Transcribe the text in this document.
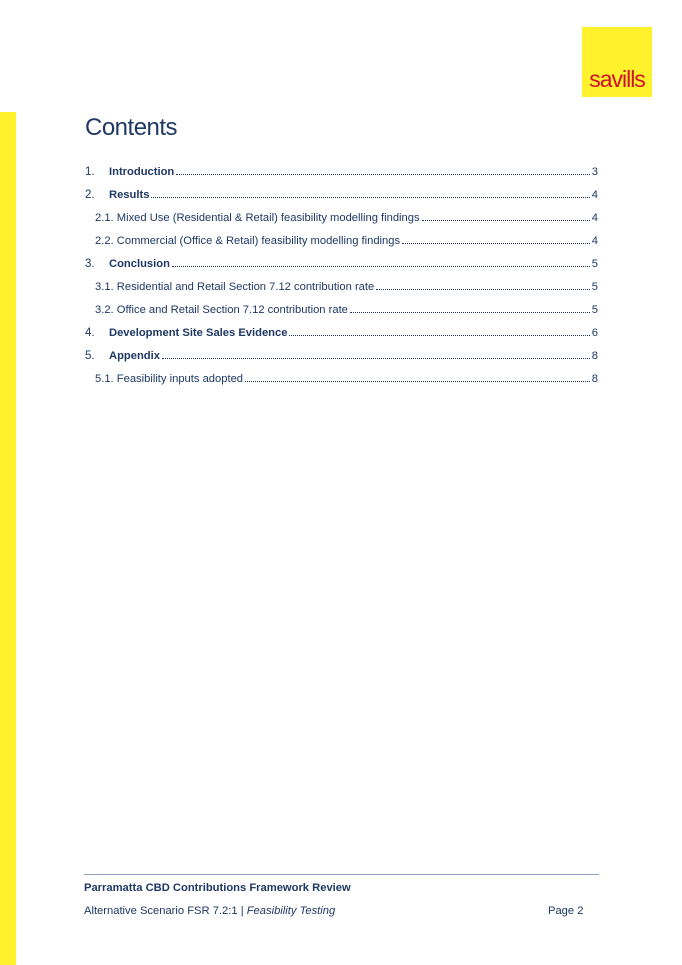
savills
Contents
1.	Introduction	3
2.	Results	4
2.1. Mixed Use (Residential & Retail) feasibility modelling findings	4
2.2. Commercial (Office & Retail) feasibility modelling findings	4
3.	Conclusion	5
3.1. Residential and Retail Section 7.12 contribution rate	5
3.2. Office and Retail Section 7.12 contribution rate	5
4.	Development Site Sales Evidence	6
5.	Appendix	8
5.1. Feasibility inputs adopted	8
Parramatta CBD Contributions Framework Review
Alternative Scenario FSR 7.2:1 | Feasibility Testing	Page 2
